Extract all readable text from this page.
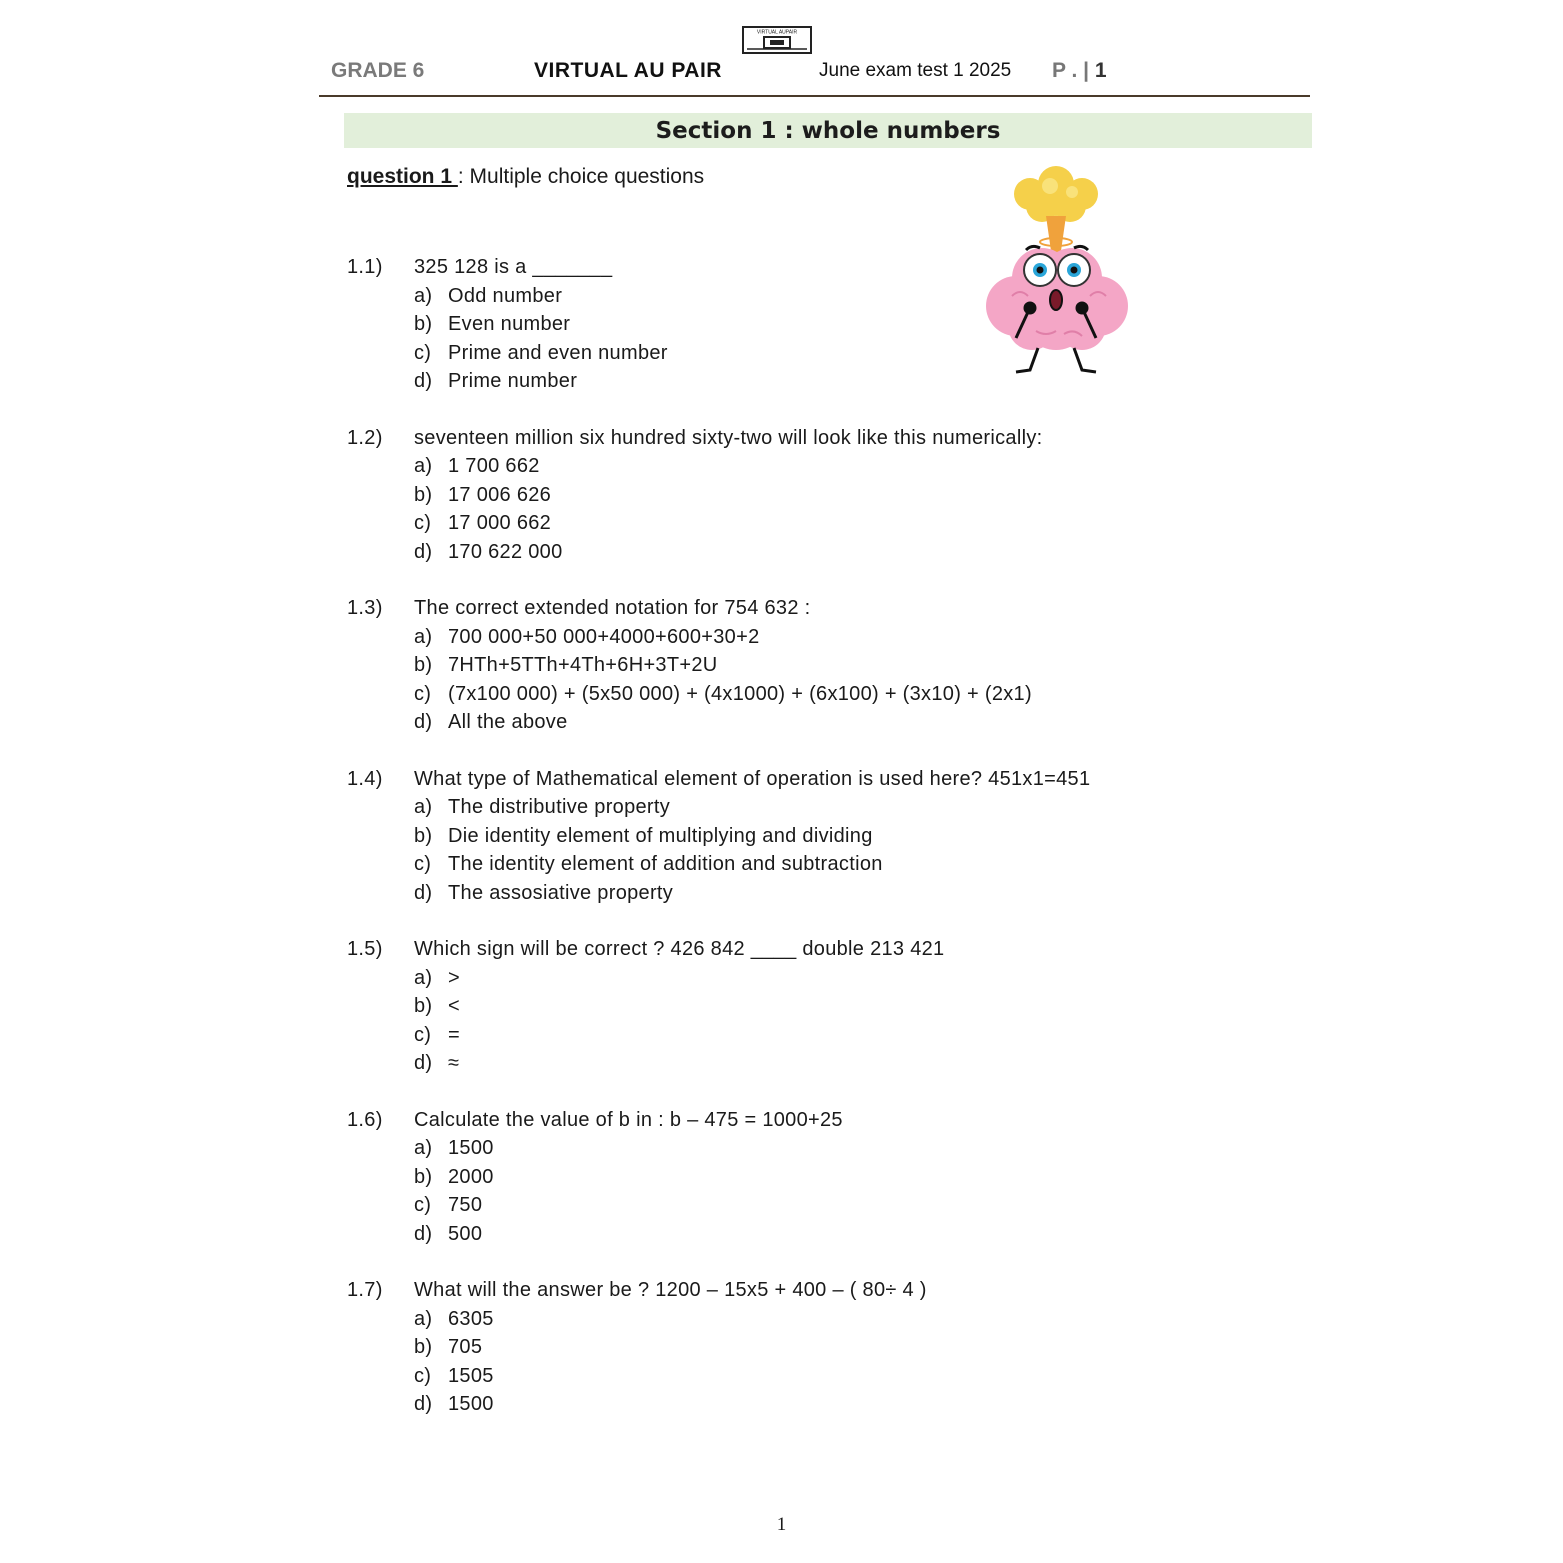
VIRTUAL AUPAIR
GRADE 6	VIRTUAL AU PAIR	June exam test 1 2025 P . | 1
Section 1 : whole numbers
question 1 : Multiple choice questions
1.1)	325 128 is a _______
a) Odd number
b) Even number
c) Prime and even number
d) Prime number
1.2)	seventeen million six hundred sixty-two will look like this numerically:
a) 1 700 662
b) 17 006 626
c) 17 000 662
d) 170 622 000
1.3)	The correct extended notation for 754 632 :
a) 700 000+50 000+4000+600+30+2
b) 7HTh+5TTh+4Th+6H+3T+2U
c) (7x100 000) + (5x50 000) + (4x1000) + (6x100) + (3x10) + (2x1)
d) All the above
1.4)	What type of Mathematical element of operation is used here? 451x1=451
a) The distributive property
b) Die identity element of multiplying and dividing
c) The identity element of addition and subtraction
d) The assosiative property
1.5)	Which sign will be correct ? 426 842 ____ double 213 421
a) >
b) <
c) =
d) ≈
1.6)	Calculate the value of b in : b – 475 = 1000+25
a) 1500
b) 2000
c) 750
d) 500
1.7)	What will the answer be ? 1200 – 15x5 + 400 – ( 80÷ 4 )
a) 6305
b) 705
c) 1505
d) 1500
1
